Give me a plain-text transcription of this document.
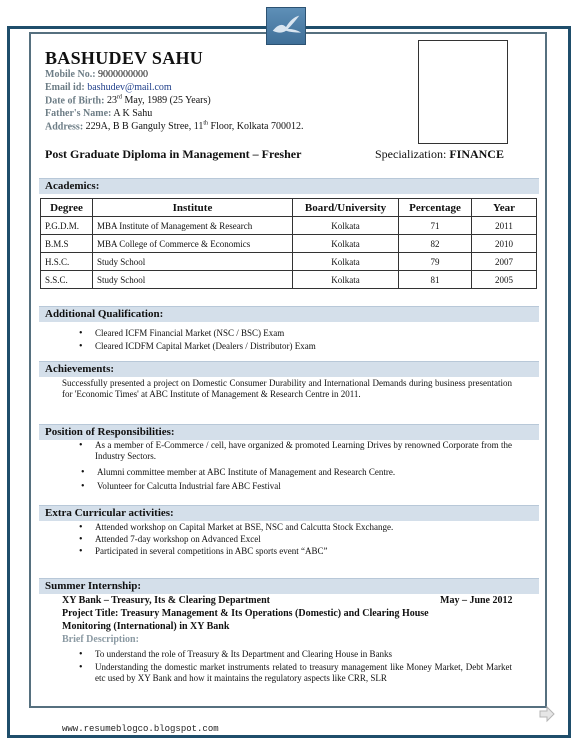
BASHUDEV SAHU
Mobile No.: 9000000000
Email id: bashudev@mail.com
Date of Birth: 23rd May, 1989 (25 Years)
Father's Name: A K Sahu
Address: 229A, B B Ganguly Stree, 11th Floor, Kolkata 700012.
Post Graduate Diploma in Management – Fresher	Specialization: FINANCE
Academics:
Degree	Institute	Board/University	Percentage	Year
P.G.D.M.	MBA Institute of Management & Research	Kolkata	71	2011
B.M.S	MBA College of Commerce & Economics	Kolkata	82	2010
H.S.C.	Study School	Kolkata	79	2007
S.S.C.	Study School	Kolkata	81	2005
Additional Qualification:
• Cleared ICFM Financial Market (NSC / BSC) Exam
• Cleared ICDFM Capital Market (Dealers / Distributor) Exam
Achievements:
Successfully presented a project on Domestic Consumer Durability and International Demands during business presentation for 'Economic Times' at ABC Institute of Management & Research Centre in 2011.
Position of Responsibilities:
• As a member of E-Commerce / cell, have organized & promoted Learning Drives by renowned Corporate from the Industry Sectors.
• Alumni committee member at ABC Institute of Management and Research Centre.
• Volunteer for Calcutta Industrial fare ABC Festival
Extra Curricular activities:
• Attended workshop on Capital Market at BSE, NSC and Calcutta Stock Exchange.
• Attended 7-day workshop on Advanced Excel
• Participated in several competitions in ABC sports event “ABC”
Summer Internship:
XY Bank – Treasury, Its & Clearing Department	May – June 2012
Project Title: Treasury Management & Its Operations (Domestic) and Clearing House
Monitoring (International) in XY Bank
Brief Description:
• To understand the role of Treasury & Its Department and Clearing House in Banks
• Understanding the domestic market instruments related to treasury management like Money Market, Debt Market etc used by XY Bank and how it maintains the regulatory aspects like CRR, SLR
www.resumeblogco.blogspot.com
